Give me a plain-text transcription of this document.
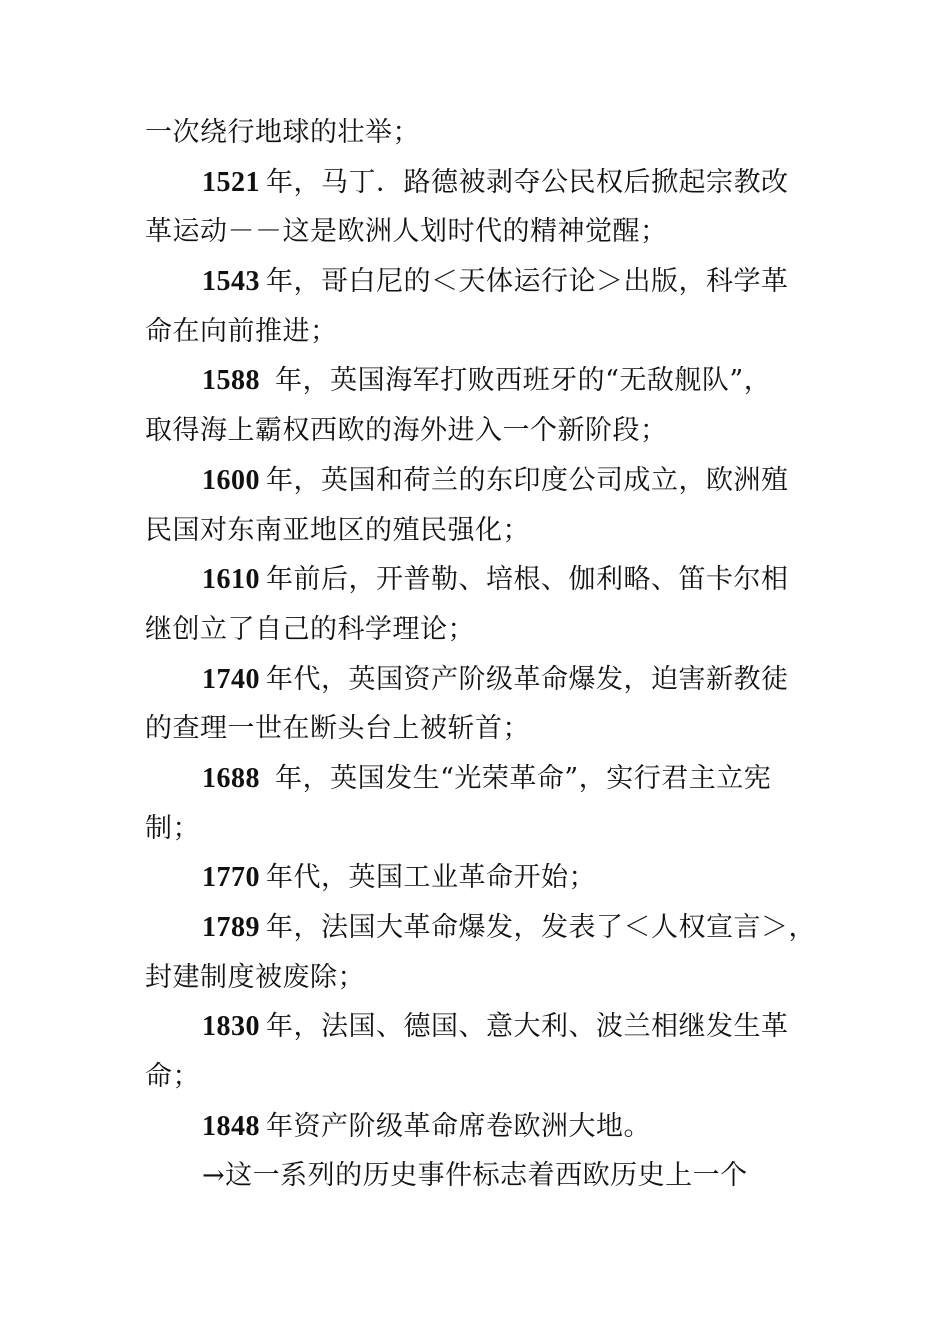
一次绕行地球的壮举；
1521 年，马丁．路德被剥夺公民权后掀起宗教改
革运动－－这是欧洲人划时代的精神觉醒；
1543 年，哥白尼的＜天体运行论＞出版，科学革
命在向前推进；
1588 年，英国海军打败西班牙的“无敌舰队”，
取得海上霸权西欧的海外进入一个新阶段；
1600 年，英国和荷兰的东印度公司成立，欧洲殖
民国对东南亚地区的殖民强化；
1610 年前后，开普勒、培根、伽利略、笛卡尔相
继创立了自己的科学理论；
1740 年代，英国资产阶级革命爆发，迫害新教徒
的查理一世在断头台上被斩首；
1688 年，英国发生“光荣革命”，实行君主立宪
制；
1770 年代，英国工业革命开始；
1789 年，法国大革命爆发，发表了＜人权宣言＞，
封建制度被废除；
1830 年，法国、德国、意大利、波兰相继发生革
命；
1848 年资产阶级革命席卷欧洲大地。
→这一系列的历史事件标志着西欧历史上一个
